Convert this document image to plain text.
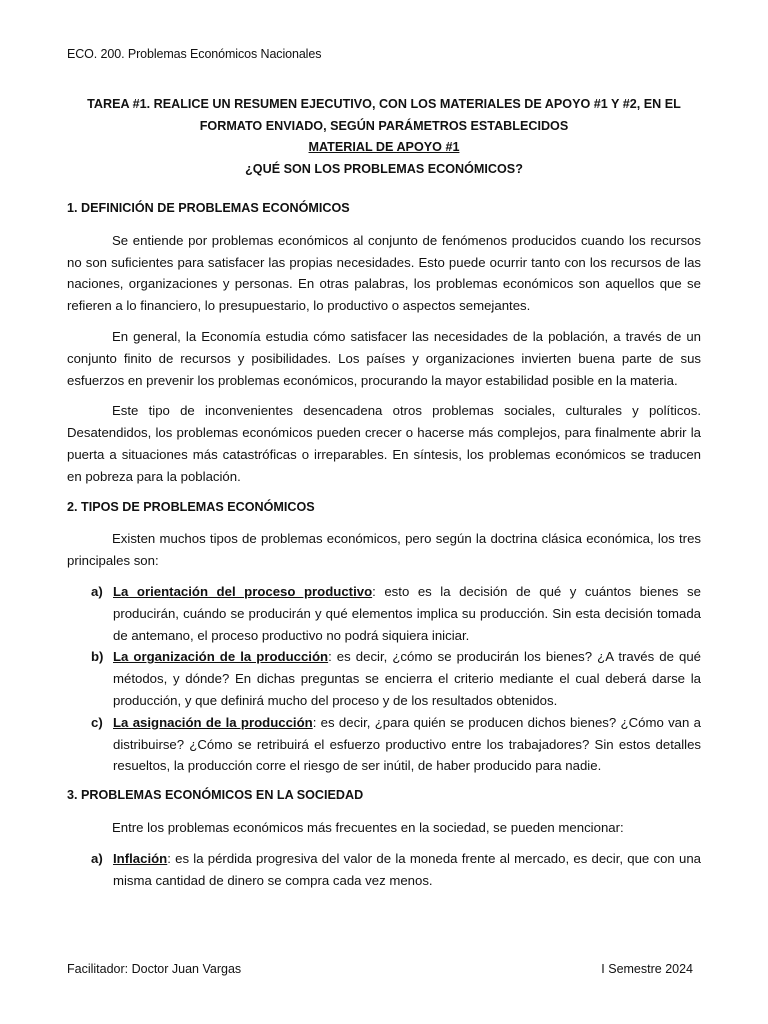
ECO. 200. Problemas Económicos Nacionales
TAREA #1. REALICE UN RESUMEN EJECUTIVO, CON LOS MATERIALES DE APOYO #1 Y #2, EN EL FORMATO ENVIADO, SEGÚN PARÁMETROS ESTABLECIDOS
MATERIAL DE APOYO #1
¿QUÉ SON LOS PROBLEMAS ECONÓMICOS?
1. DEFINICIÓN DE PROBLEMAS ECONÓMICOS

Se entiende por problemas económicos al conjunto de fenómenos producidos cuando los recursos no son suficientes para satisfacer las propias necesidades. Esto puede ocurrir tanto con los recursos de las naciones, organizaciones y personas. En otras palabras, los problemas económicos son aquellos que se refieren a lo financiero, lo presupuestario, lo productivo o aspectos semejantes.

En general, la Economía estudia cómo satisfacer las necesidades de la población, a través de un conjunto finito de recursos y posibilidades. Los países y organizaciones invierten buena parte de sus esfuerzos en prevenir los problemas económicos, procurando la mayor estabilidad posible en la materia.

Este tipo de inconvenientes desencadena otros problemas sociales, culturales y políticos. Desatendidos, los problemas económicos pueden crecer o hacerse más complejos, para finalmente abrir la puerta a situaciones más catastróficas o irreparables. En síntesis, los problemas económicos se traducen en pobreza para la población.

2. TIPOS DE PROBLEMAS ECONÓMICOS

Existen muchos tipos de problemas económicos, pero según la doctrina clásica económica, los tres principales son:

a) La orientación del proceso productivo: esto es la decisión de qué y cuántos bienes se producirán, cuándo se producirán y qué elementos implica su producción. Sin esta decisión tomada de antemano, el proceso productivo no podrá siquiera iniciar.
b) La organización de la producción: es decir, ¿cómo se producirán los bienes? ¿A través de qué métodos, y dónde? En dichas preguntas se encierra el criterio mediante el cual deberá darse la producción, y que definirá mucho del proceso y de los resultados obtenidos.
c) La asignación de la producción: es decir, ¿para quién se producen dichos bienes? ¿Cómo van a distribuirse? ¿Cómo se retribuirá el esfuerzo productivo entre los trabajadores? Sin estos detalles resueltos, la producción corre el riesgo de ser inútil, de haber producido para nadie.
3. PROBLEMAS ECONÓMICOS EN LA SOCIEDAD

Entre los problemas económicos más frecuentes en la sociedad, se pueden mencionar:

a) Inflación: es la pérdida progresiva del valor de la moneda frente al mercado, es decir, que con una misma cantidad de dinero se compra cada vez menos.
Facilitador: Doctor Juan Vargas	I Semestre 2024
